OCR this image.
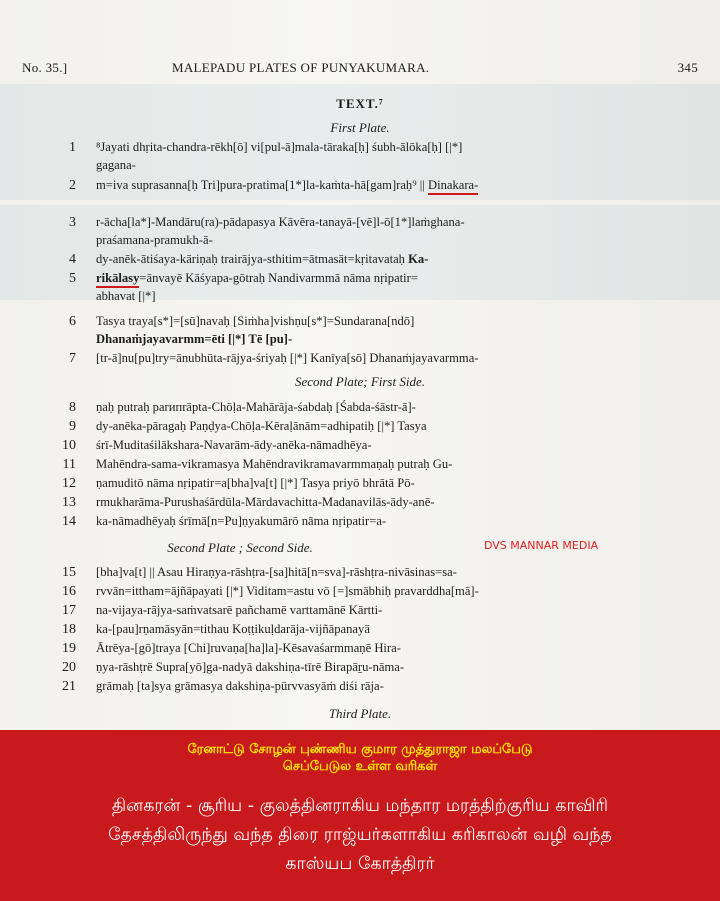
No. 35.]	MALEPADU PLATES OF PUNYAKUMARA.	345
TEXT.⁷
First Plate.
1 ⁸Jayati dhṛita-chandra-rēkh[ō] vi[pul-ā]mala-tāraka[ḥ] śubh-ālōka[ḥ] [|*]
gagana-
2 m=iva suprasanna[ḥ Tri]pura-pratima[1*]la-kaṁta-hā[gam]raḥ⁹ || Dinakara-
3 r-ācha[la*]-Mandāru(ra)-pādapasya Kāvēra-tanayā-[vē]l-ō[1*]laṁghana-
praśamana-pramukh-ā-
4 dy-anēk-ātiśaya-kāriṇaḥ trairājya-sthitim=ātmasāt=kṛitavataḥ Ka-
5 rikālasy=ānvayē Kāśyapa-gōtraḥ Nandivarmmā nāma nṛipatir=
abhavat [|*]
6 Tasya traya[s*]=[sū]navaḥ [Siṁha]vishṇu[s*]=Sundarana[ndō]
Dhanaṁjayavarmm=ēti [|*] Tē [pu]-
7 [tr-ā]nu[pu]try=ānubhūta-rājya-śriyaḥ [|*] Kanīya[sō] Dhanaṁjayavarmma-
Second Plate; First Side.
8 ṇaḥ putraḥ parипrāpta-Chōḷa-Mahārāja-śabdaḥ [Śabda-śāstr-ā]-
9 dy-anēka-pāragaḥ Paṇḍya-Chōḷa-Kēraḷānām=adhipatiḥ [|*] Tasya
10 śrī-Muditaśilākshara-Navarām-ādy-anēka-nāmadhēya-
11 Mahēndra-sama-vikramasya Mahēndravikramavarmmaṇaḥ putraḥ Gu-
12 ṇamuditō nāma nṛipatir=a[bha]va[t] [|*] Tasya priyō bhrātā Pō-
13 rmukharāma-Purushaśārdūla-Mārdavachitta-Madanavilās-ādy-anē-
14 ka-nāmadhēyaḥ śrīmā[n=Pu]ṇyakumārō nāma nṛipatir=a-
Second Plate ; Second Side.	DVS MANNAR MEDIA
15 [bha]va[t] || Asau Hiraṇya-rāshṭra-[sa]hitā[n=sva]-rāshṭra-nivāsinas=sa-
16 rvvān=ittham=ājñāpayati [|*] Viditam=astu vō [=]smābhiḥ pravarddha[mā]-
17 na-vijaya-rājya-saṁvatsarē pañchamē varttamānē Kārtti-
18 ka-[pau]rṇamāsyān=tithau Koṭṭikuḷdarāja-vijñāpanayā
19 Ātrēya-[gō]traya [Chi]ruvaṇa[ha]la]-Kēsavaśarmmaṇē Hira-
20 ṇya-rāshṭrē Supra[yō]ga-nadyā dakshiṇa-tīrē Birapāṟu-nāma-
21 grāmaḥ [ta]sya grāmasya dakshiṇa-pūrvvasyāṁ diśi rāja-
Third Plate.
ரேனாட்டு சோழன் புண்ணிய குமார முத்துராஜா மலப்பேடு
செப்பேடுல உள்ள வரிகள்
தினகரன் - சூரிய - குலத்தினராகிய மந்தார மரத்திற்குரிய காவிரி
தேசத்திலிருந்து வந்த திரை ராஜ்யர்களாகிய கரிகாலன் வழி வந்த
காஸ்யப கோத்திரர்
